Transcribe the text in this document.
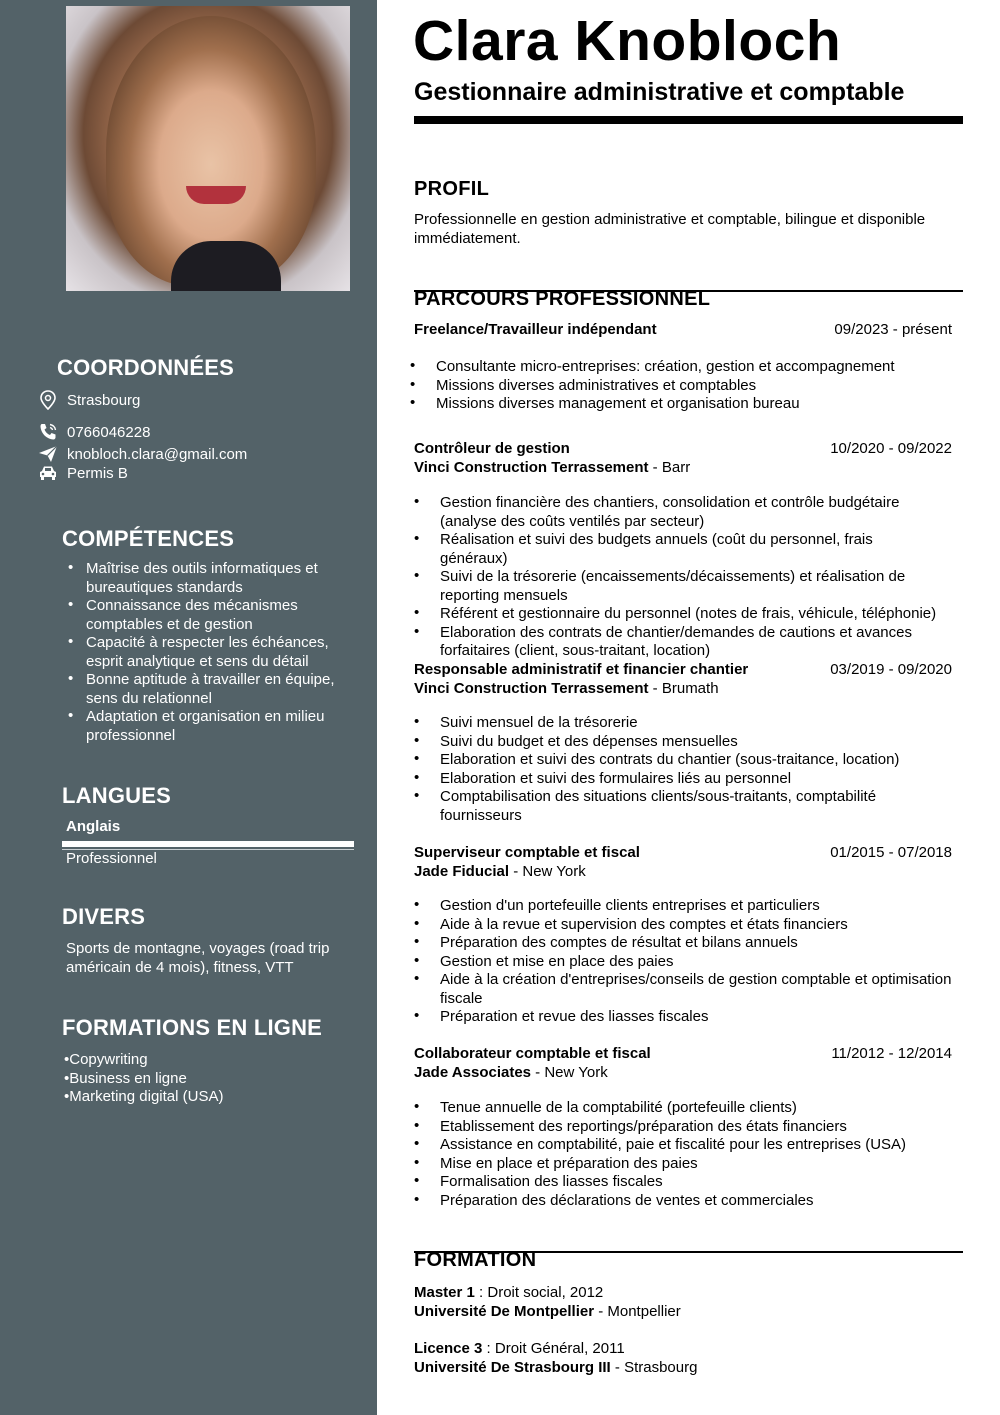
COORDONNÉES
Strasbourg
0766046228
knobloch.clara@gmail.com
Permis B
COMPÉTENCES
• Maîtrise des outils informatiques et bureautiques standards
• Connaissance des mécanismes comptables et de gestion
• Capacité à respecter les échéances, esprit analytique et sens du détail
• Bonne aptitude à travailler en équipe, sens du relationnel
• Adaptation et organisation en milieu professionnel
LANGUES
Anglais
Professionnel
DIVERS
Sports de montagne, voyages (road trip américain de 4 mois), fitness, VTT
FORMATIONS EN LIGNE
•Copywriting
•Business en ligne
•Marketing digital (USA)
Clara Knobloch
Gestionnaire administrative et comptable
PROFIL

Professionnelle en gestion administrative et comptable, bilingue et disponible immédiatement.

PARCOURS PROFESSIONNEL
Freelance/Travailleur indépendant	09/2023 - présent
• Consultante micro-entreprises: création, gestion et accompagnement
• Missions diverses administratives et comptables
• Missions diverses management et organisation bureau
Contrôleur de gestion	10/2020 - 09/2022
Vinci Construction Terrassement - Barr
• Gestion financière des chantiers, consolidation et contrôle budgétaire (analyse des coûts ventilés par secteur)
• Réalisation et suivi des budgets annuels (coût du personnel, frais généraux)
• Suivi de la trésorerie (encaissements/décaissements) et réalisation de reporting mensuels
• Référent et gestionnaire du personnel (notes de frais, véhicule, téléphonie)
• Elaboration des contrats de chantier/demandes de cautions et avances forfaitaires (client, sous-traitant, location)
Responsable administratif et financier chantier	03/2019 - 09/2020
Vinci Construction Terrassement - Brumath
• Suivi mensuel de la trésorerie
• Suivi du budget et des dépenses mensuelles
• Elaboration et suivi des contrats du chantier (sous-traitance, location)
• Elaboration et suivi des formulaires liés au personnel
• Comptabilisation des situations clients/sous-traitants, comptabilité fournisseurs
Superviseur comptable et fiscal	01/2015 - 07/2018
Jade Fiducial - New York
• Gestion d'un portefeuille clients entreprises et particuliers
• Aide à la revue et supervision des comptes et états financiers
• Préparation des comptes de résultat et bilans annuels
• Gestion et mise en place des paies
• Aide à la création d'entreprises/conseils de gestion comptable et optimisation fiscale
• Préparation et revue des liasses fiscales
Collaborateur comptable et fiscal	11/2012 - 12/2014
Jade Associates - New York
• Tenue annuelle de la comptabilité (portefeuille clients)
• Etablissement des reportings/préparation des états financiers
• Assistance en comptabilité, paie et fiscalité pour les entreprises (USA)
• Mise en place et préparation des paies
• Formalisation des liasses fiscales
• Préparation des déclarations de ventes et commerciales
FORMATION
Master 1 : Droit social, 2012
Université De Montpellier - Montpellier
Licence 3 : Droit Général, 2011
Université De Strasbourg III - Strasbourg
